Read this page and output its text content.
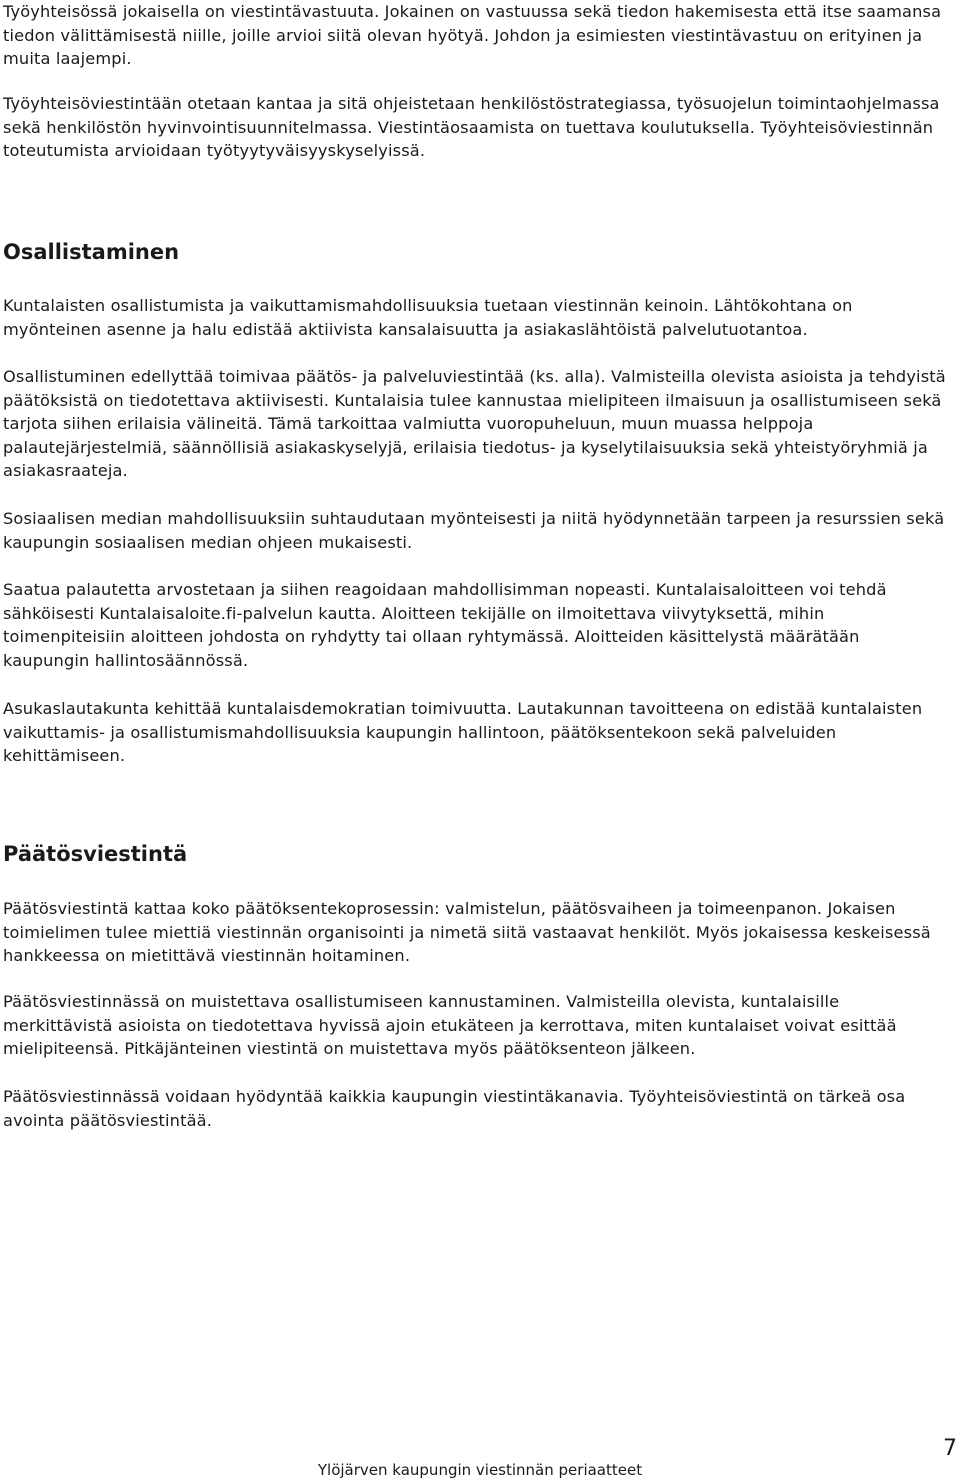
Työyhteisössä jokaisella on viestintävastuuta. Jokainen on vastuussa sekä tiedon hakemisesta että itse saamansa tiedon välittämisestä niille, joille arvioi siitä olevan hyötyä. Johdon ja esimiesten viestintävastuu on erityinen ja muita laajempi.

Työyhteisöviestintään otetaan kantaa ja sitä ohjeistetaan henkilöstöstrategiassa, työsuojelun toimintaohjelmassa sekä henkilöstön hyvinvointisuunnitelmassa. Viestintäosaamista on tuettava koulutuksella. Työyhteisöviestinnän toteutumista arvioidaan työtyytyväisyyskyselyissä.

Osallistaminen

Kuntalaisten osallistumista ja vaikuttamismahdollisuuksia tuetaan viestinnän keinoin. Lähtökohtana on myönteinen asenne ja halu edistää aktiivista kansalaisuutta ja asiakaslähtöistä palvelutuotantoa.

Osallistuminen edellyttää toimivaa päätös- ja palveluviestintää (ks. alla). Valmisteilla olevista asioista ja tehdyistä päätöksistä on tiedotettava aktiivisesti. Kuntalaisia tulee kannustaa mielipiteen ilmaisuun ja osallistumiseen sekä tarjota siihen erilaisia välineitä. Tämä tarkoittaa valmiutta vuoropuheluun, muun muassa helppoja palautejärjestelmiä, säännöllisiä asiakaskyselyjä, erilaisia tiedotus- ja kyselytilaisuuksia sekä yhteistyöryhmiä ja asiakasraateja.

Sosiaalisen median mahdollisuuksiin suhtaudutaan myönteisesti ja niitä hyödynnetään tarpeen ja resurssien sekä kaupungin sosiaalisen median ohjeen mukaisesti.

Saatua palautetta arvostetaan ja siihen reagoidaan mahdollisimman nopeasti. Kuntalaisaloitteen voi tehdä sähköisesti Kuntalaisaloite.fi-palvelun kautta. Aloitteen tekijälle on ilmoitettava viivytyksettä, mihin toimenpiteisiin aloitteen johdosta on ryhdytty tai ollaan ryhtymässä. Aloitteiden käsittelystä määrätään kaupungin hallintosäännössä.

Asukaslautakunta kehittää kuntalaisdemokratian toimivuutta. Lautakunnan tavoitteena on edistää kuntalaisten vaikuttamis- ja osallistumismahdollisuuksia kaupungin hallintoon, päätöksentekoon sekä palveluiden kehittämiseen.

Päätösviestintä

Päätösviestintä kattaa koko päätöksentekoprosessin: valmistelun, päätösvaiheen ja toimeenpanon. Jokaisen toimielimen tulee miettiä viestinnän organisointi ja nimetä siitä vastaavat henkilöt. Myös jokaisessa keskeisessä hankkeessa on mietittävä viestinnän hoitaminen.

Päätösviestinnässä on muistettava osallistumiseen kannustaminen. Valmisteilla olevista, kuntalaisille merkittävistä asioista on tiedotettava hyvissä ajoin etukäteen ja kerrottava, miten kuntalaiset voivat esittää mielipiteensä. Pitkäjänteinen viestintä on muistettava myös päätöksenteon jälkeen.

Päätösviestinnässä voidaan hyödyntää kaikkia kaupungin viestintäkanavia. Työyhteisöviestintä on tärkeä osa avointa päätösviestintää.

7
Ylöjärven kaupungin viestinnän periaatteet
